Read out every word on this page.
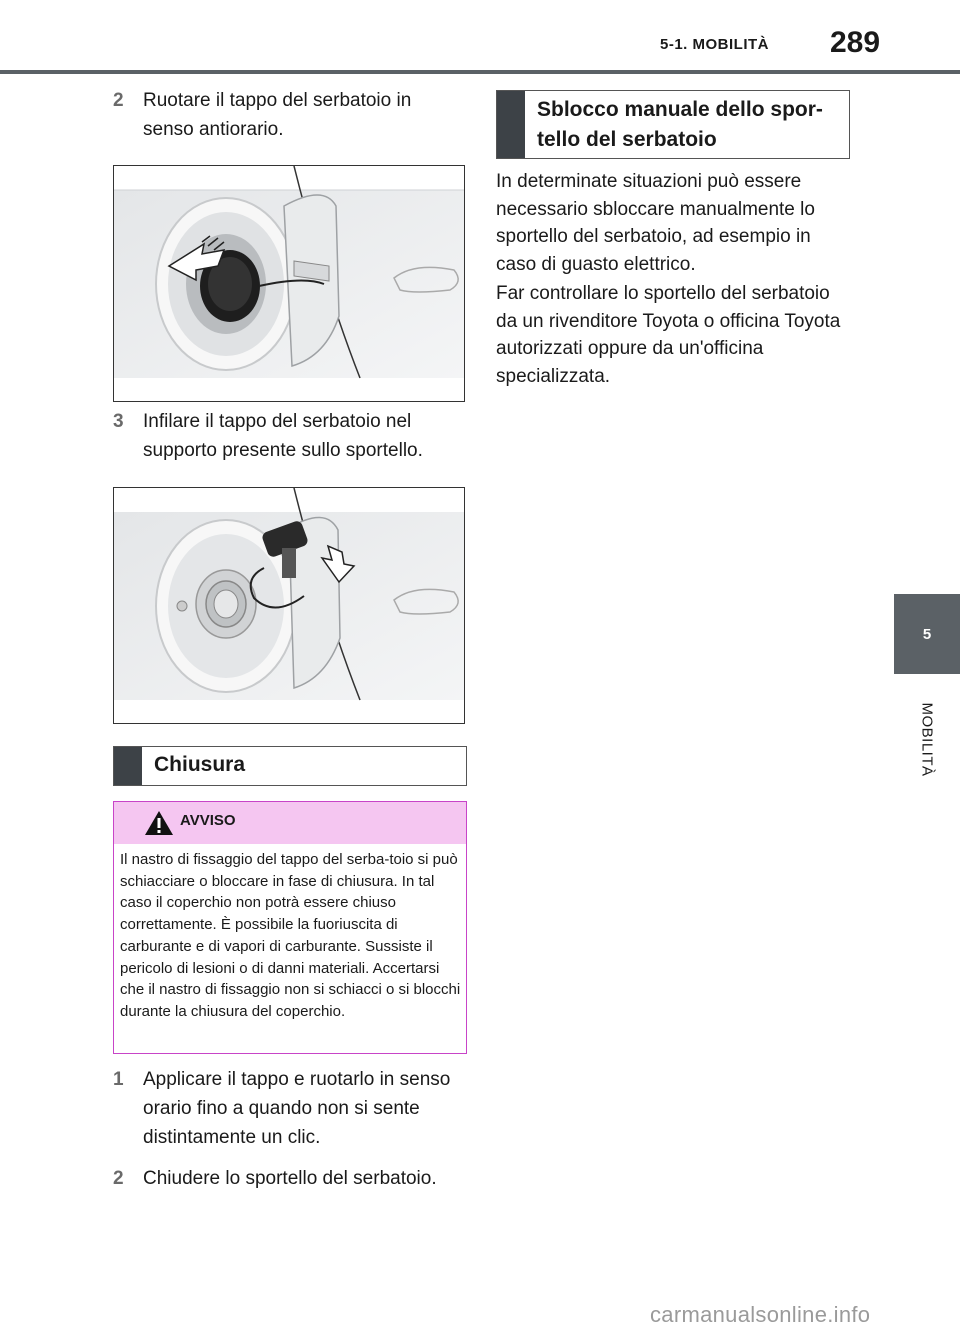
5-1. MOBILITÀ 289
5
MOBILITÀ
2	Ruotare il tappo del serbatoio in senso antiorario.
3	Infilare il tappo del serbatoio nel supporto presente sullo sportello.
Chiusura
AVVISO
Il nastro di fissaggio del tappo del serba-toio si può schiacciare o bloccare in fase di chiusura. In tal caso il coperchio non potrà essere chiuso correttamente. È possibile la fuoriuscita di carburante e di vapori di carburante. Sussiste il pericolo di lesioni o di danni materiali. Accertarsi che il nastro di fissaggio non si schiacci o si blocchi durante la chiusura del coperchio.
1	Applicare il tappo e ruotarlo in senso orario fino a quando non si sente distintamente un clic.
2	Chiudere lo sportello del serbatoio.
Sblocco manuale dello spor-tello del serbatoio
In determinate situazioni può essere necessario sbloccare manualmente lo sportello del serbatoio, ad esempio in caso di guasto elettrico.
Far controllare lo sportello del serbatoio da un rivenditore Toyota o officina Toyota autorizzati oppure da un'officina specializzata.
carmanualsonline.info
